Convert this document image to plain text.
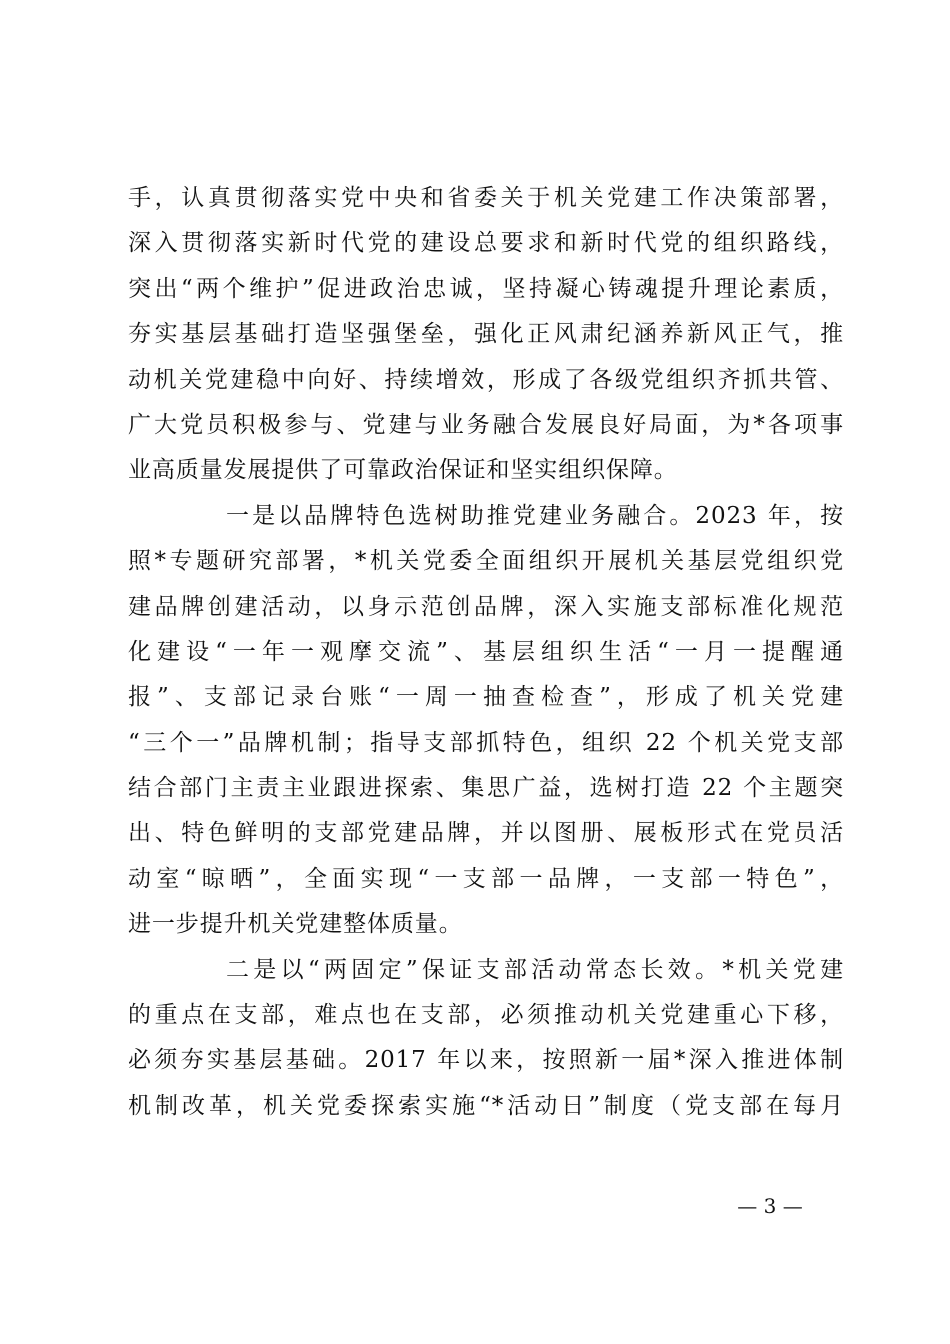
手，认真贯彻落实党中央和省委关于机关党建工作决策部署，
深入贯彻落实新时代党的建设总要求和新时代党的组织路线，
突出“两个维护”促进政治忠诚，坚持凝心铸魂提升理论素质，
夯实基层基础打造坚强堡垒，强化正风肃纪涵养新风正气，推
动机关党建稳中向好、持续增效，形成了各级党组织齐抓共管、
广大党员积极参与、党建与业务融合发展良好局面，为*各项事
业高质量发展提供了可靠政治保证和坚实组织保障。
一是以品牌特色选树助推党建业务融合。2023 年，按
照*专题研究部署，*机关党委全面组织开展机关基层党组织党
建品牌创建活动，以身示范创品牌，深入实施支部标准化规范
化建设“一年一观摩交流”、基层组织生活“一月一提醒通
报”、支部记录台账“一周一抽查检查”，形成了机关党建
“三个一”品牌机制；指导支部抓特色，组织 22 个机关党支部
结合部门主责主业跟进探索、集思广益，选树打造 22 个主题突
出、特色鲜明的支部党建品牌，并以图册、展板形式在党员活
动室“晾晒”，全面实现“一支部一品牌，一支部一特色”，
进一步提升机关党建整体质量。
二是以“两固定”保证支部活动常态长效。*机关党建
的重点在支部，难点也在支部，必须推动机关党建重心下移，
必须夯实基层基础。2017 年以来，按照新一届*深入推进体制
机制改革，机关党委探索实施“*活动日”制度（党支部在每月
— 3 —
